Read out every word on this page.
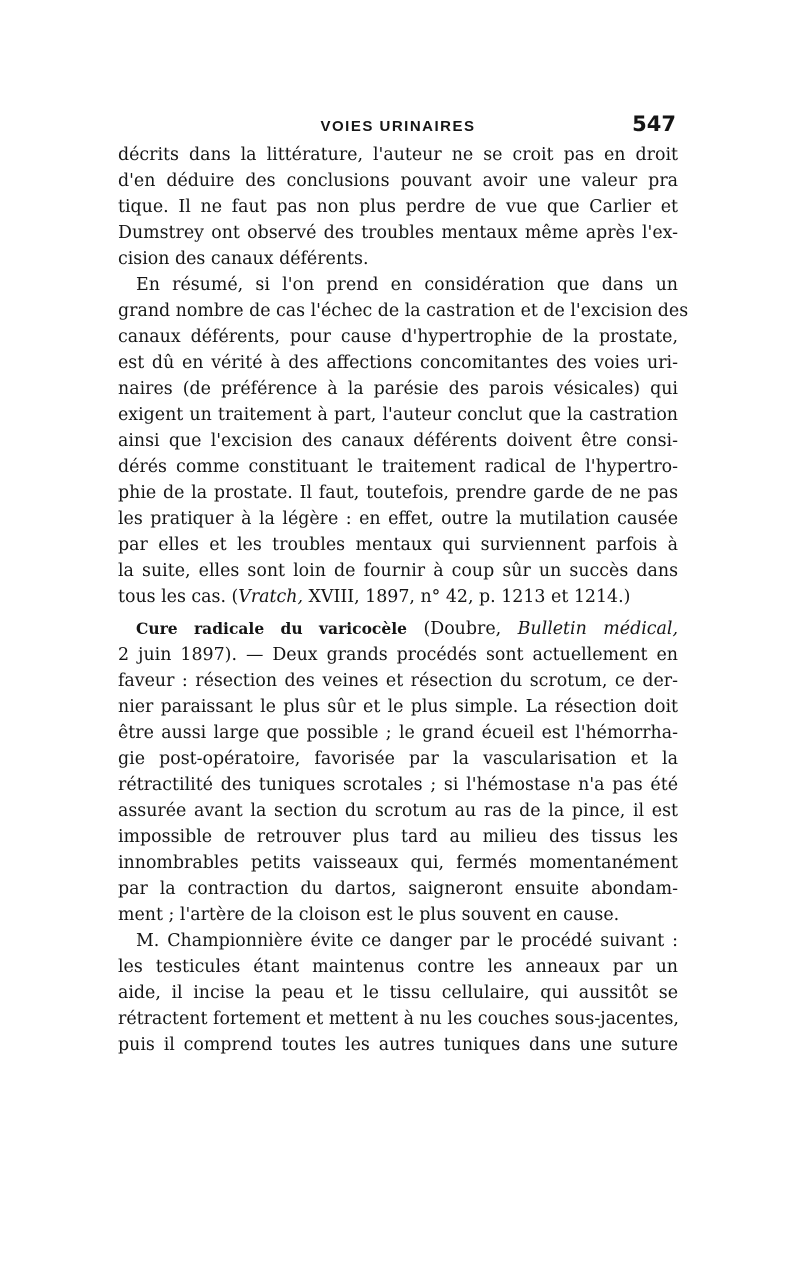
VOIES URINAIRES	547
décrits dans la littérature, l'auteur ne se croit pas en droit
d'en déduire des conclusions pouvant avoir une valeur pra
tique. Il ne faut pas non plus perdre de vue que Carlier et
Dumstrey ont observé des troubles mentaux même après l'ex-
cision des canaux déférents.
En résumé, si l'on prend en considération que dans un
grand nombre de cas l'échec de la castration et de l'excision des
canaux déférents, pour cause d'hypertrophie de la prostate,
est dû en vérité à des affections concomitantes des voies uri-
naires (de préférence à la parésie des parois vésicales) qui
exigent un traitement à part, l'auteur conclut que la castration
ainsi que l'excision des canaux déférents doivent être consi-
dérés comme constituant le traitement radical de l'hypertro-
phie de la prostate. Il faut, toutefois, prendre garde de ne pas
les pratiquer à la légère : en effet, outre la mutilation causée
par elles et les troubles mentaux qui surviennent parfois à
la suite, elles sont loin de fournir à coup sûr un succès dans
tous les cas. (Vratch, XVIII, 1897, n° 42, p. 1213 et 1214.)
Cure radicale du varicocèle (Doubre, Bulletin médical,
2 juin 1897). — Deux grands procédés sont actuellement en
faveur : résection des veines et résection du scrotum, ce der-
nier paraissant le plus sûr et le plus simple. La résection doit
être aussi large que possible ; le grand écueil est l'hémorrha-
gie post-opératoire, favorisée par la vascularisation et la
rétractilité des tuniques scrotales ; si l'hémostase n'a pas été
assurée avant la section du scrotum au ras de la pince, il est
impossible de retrouver plus tard au milieu des tissus les
innombrables petits vaisseaux qui, fermés momentanément
par la contraction du dartos, saigneront ensuite abondam-
ment ; l'artère de la cloison est le plus souvent en cause.
M. Championnière évite ce danger par le procédé suivant :
les testicules étant maintenus contre les anneaux par un
aide, il incise la peau et le tissu cellulaire, qui aussitôt se
rétractent fortement et mettent à nu les couches sous-jacentes,
puis il comprend toutes les autres tuniques dans une suture
